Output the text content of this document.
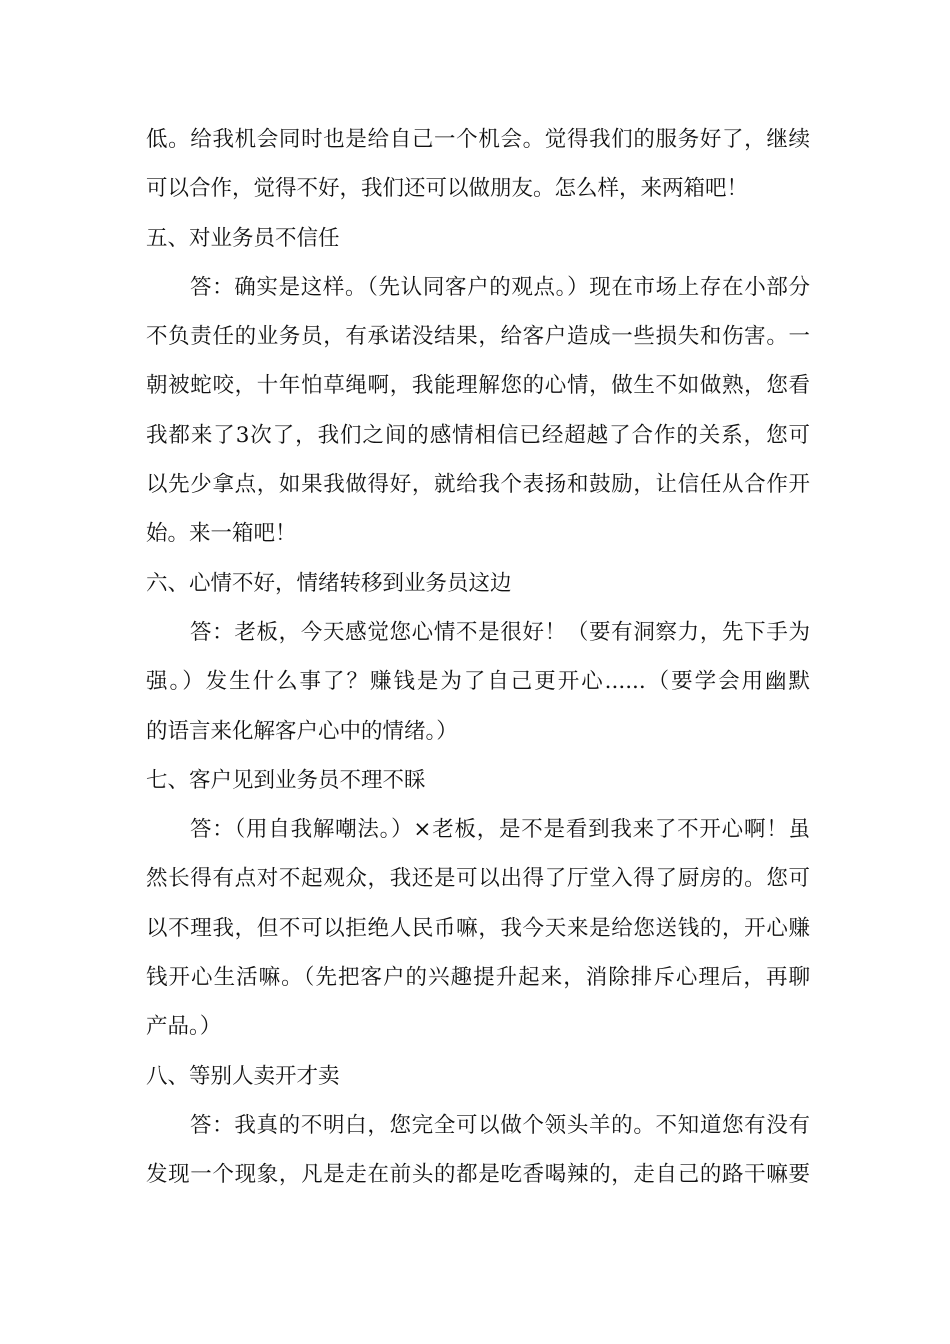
低。给我机会同时也是给自己一个机会。觉得我们的服务好了，继续
可以合作，觉得不好，我们还可以做朋友。怎么样，来两箱吧！
五、对业务员不信任
答：确实是这样。（先认同客户的观点。）现在市场上存在小部分
不负责任的业务员，有承诺没结果，给客户造成一些损失和伤害。一
朝被蛇咬，十年怕草绳啊，我能理解您的心情，做生不如做熟，您看
我都来了3次了，我们之间的感情相信已经超越了合作的关系，您可
以先少拿点，如果我做得好，就给我个表扬和鼓励，让信任从合作开
始。来一箱吧！
六、心情不好，情绪转移到业务员这边
答：老板，今天感觉您心情不是很好！（要有洞察力，先下手为
强。）发生什么事了？赚钱是为了自己更开心......（要学会用幽默
的语言来化解客户心中的情绪。）
七、客户见到业务员不理不睬
答：（用自我解嘲法。）×老板，是不是看到我来了不开心啊！虽
然长得有点对不起观众，我还是可以出得了厅堂入得了厨房的。您可
以不理我，但不可以拒绝人民币嘛，我今天来是给您送钱的，开心赚
钱开心生活嘛。（先把客户的兴趣提升起来，消除排斥心理后，再聊
产品。）
八、等别人卖开才卖
答：我真的不明白，您完全可以做个领头羊的。不知道您有没有
发现一个现象，凡是走在前头的都是吃香喝辣的，走自己的路干嘛要
